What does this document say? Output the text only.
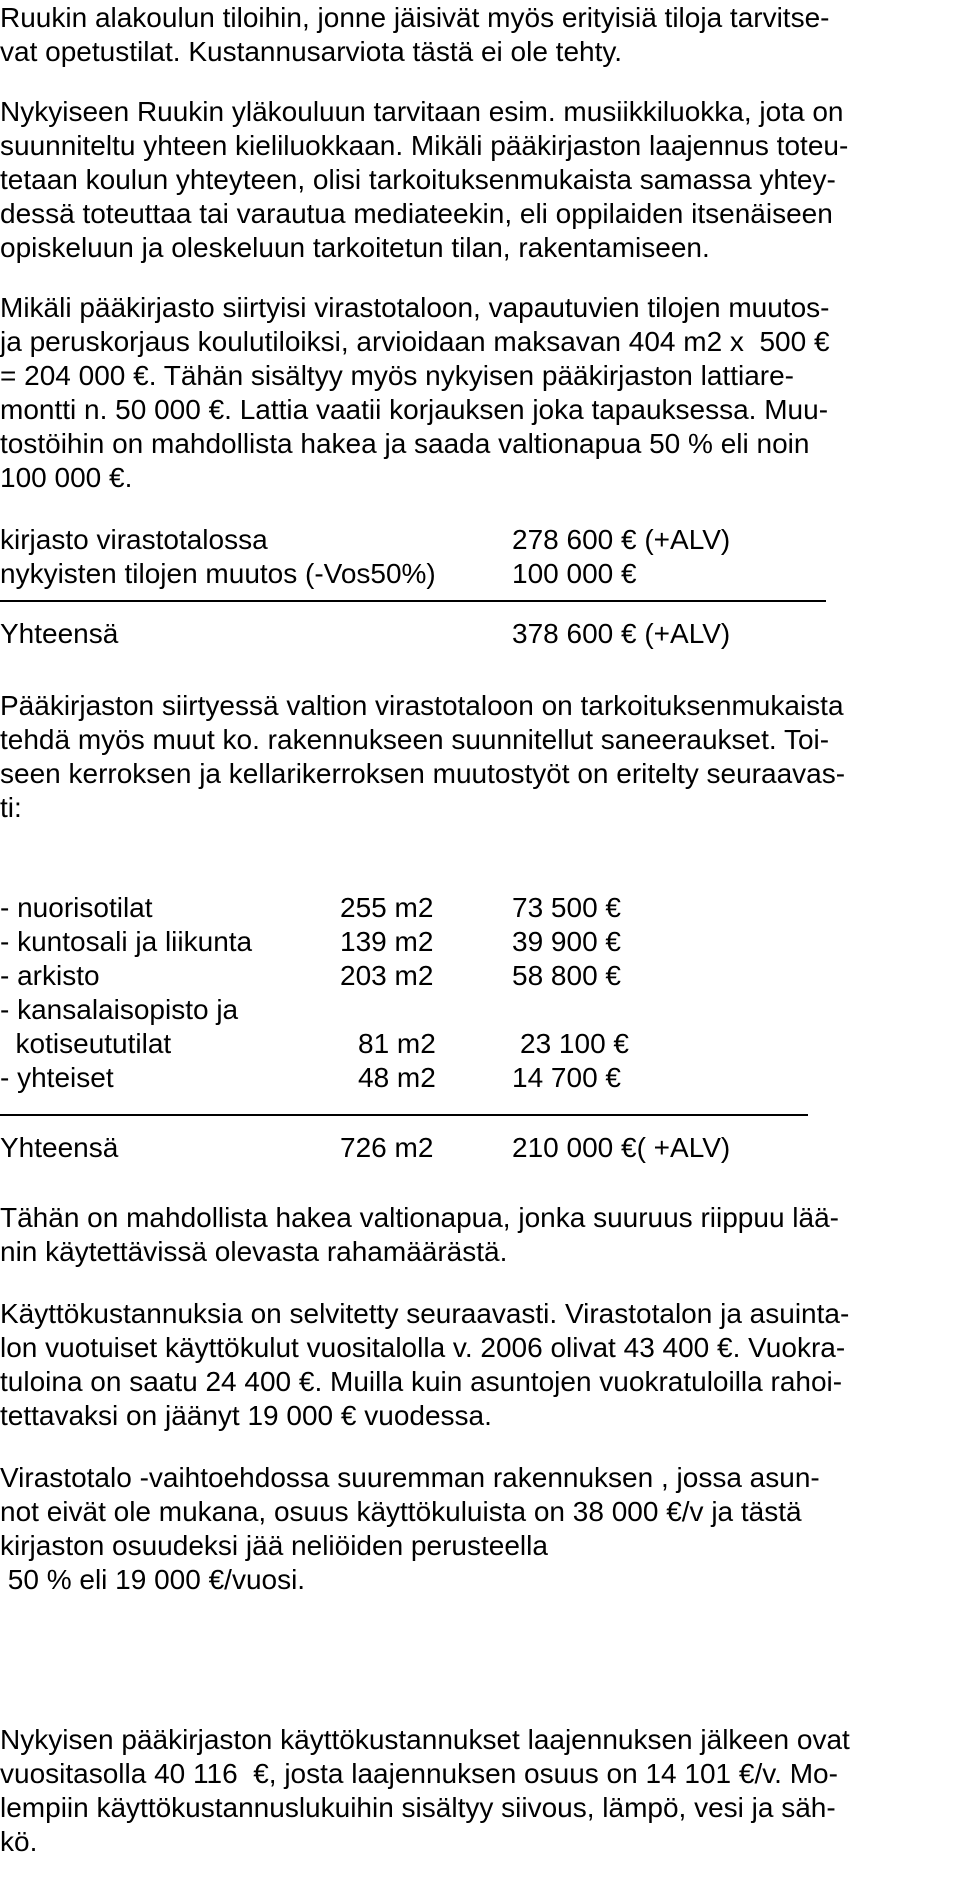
Ruukin alakoulun tiloihin, jonne jäisivät myös erityisiä tiloja tarvitse-
vat opetustilat. Kustannusarviota tästä ei ole tehty.
Nykyiseen Ruukin yläkouluun tarvitaan esim. musiikkiluokka, jota on
suunniteltu yhteen kieliluokkaan. Mikäli pääkirjaston laajennus toteu-
tetaan koulun yhteyteen, olisi tarkoituksenmukaista samassa yhtey-
dessä toteuttaa tai varautua mediateekin, eli oppilaiden itsenäiseen
opiskeluun ja oleskeluun tarkoitetun tilan, rakentamiseen.
Mikäli pääkirjasto siirtyisi virastotaloon, vapautuvien tilojen muutos-
ja peruskorjaus koulutiloiksi, arvioidaan maksavan 404 m2 x  500 €
= 204 000 €. Tähän sisältyy myös nykyisen pääkirjaston lattiare-
montti n. 50 000 €. Lattia vaatii korjauksen joka tapauksessa. Muu-
tostöihin on mahdollista hakea ja saada valtionapua 50 % eli noin
100 000 €.
kirjasto virastotalossa	278 600 € (+ALV)
nykyisten tilojen muutos (-Vos50%)	100 000 €
Yhteensä	378 600 € (+ALV)
Pääkirjaston siirtyessä valtion virastotaloon on tarkoituksenmukaista
tehdä myös muut ko. rakennukseen suunnitellut saneeraukset. Toi-
seen kerroksen ja kellarikerroksen muutostyöt on eritelty seuraavas-
ti:
- nuorisotilat	255 m2	73 500 €
- kuntosali ja liikunta	139 m2	39 900 €
- arkisto	203 m2	58 800 €
- kansalaisopisto ja
kotiseututilat	81 m2	23 100 €
- yhteiset	48 m2	14 700 €
Yhteensä	726 m2	210 000 €( +ALV)
Tähän on mahdollista hakea valtionapua, jonka suuruus riippuu lää-
nin käytettävissä olevasta rahamäärästä.
Käyttökustannuksia on selvitetty seuraavasti. Virastotalon ja asuinta-
lon vuotuiset käyttökulut vuositalolla v. 2006 olivat 43 400 €. Vuokra-
tuloina on saatu 24 400 €. Muilla kuin asuntojen vuokratuloilla rahoi-
tettavaksi on jäänyt 19 000 € vuodessa.
Virastotalo -vaihtoehdossa suuremman rakennuksen , jossa asun-
not eivät ole mukana, osuus käyttökuluista on 38 000 €/v ja tästä
kirjaston osuudeksi jää neliöiden perusteella
50 % eli 19 000 €/vuosi.
Nykyisen pääkirjaston käyttökustannukset laajennuksen jälkeen ovat
vuositasolla 40 116  €, josta laajennuksen osuus on 14 101 €/v. Mo-
lempiin käyttökustannuslukuihin sisältyy siivous, lämpö, vesi ja säh-
kö.
